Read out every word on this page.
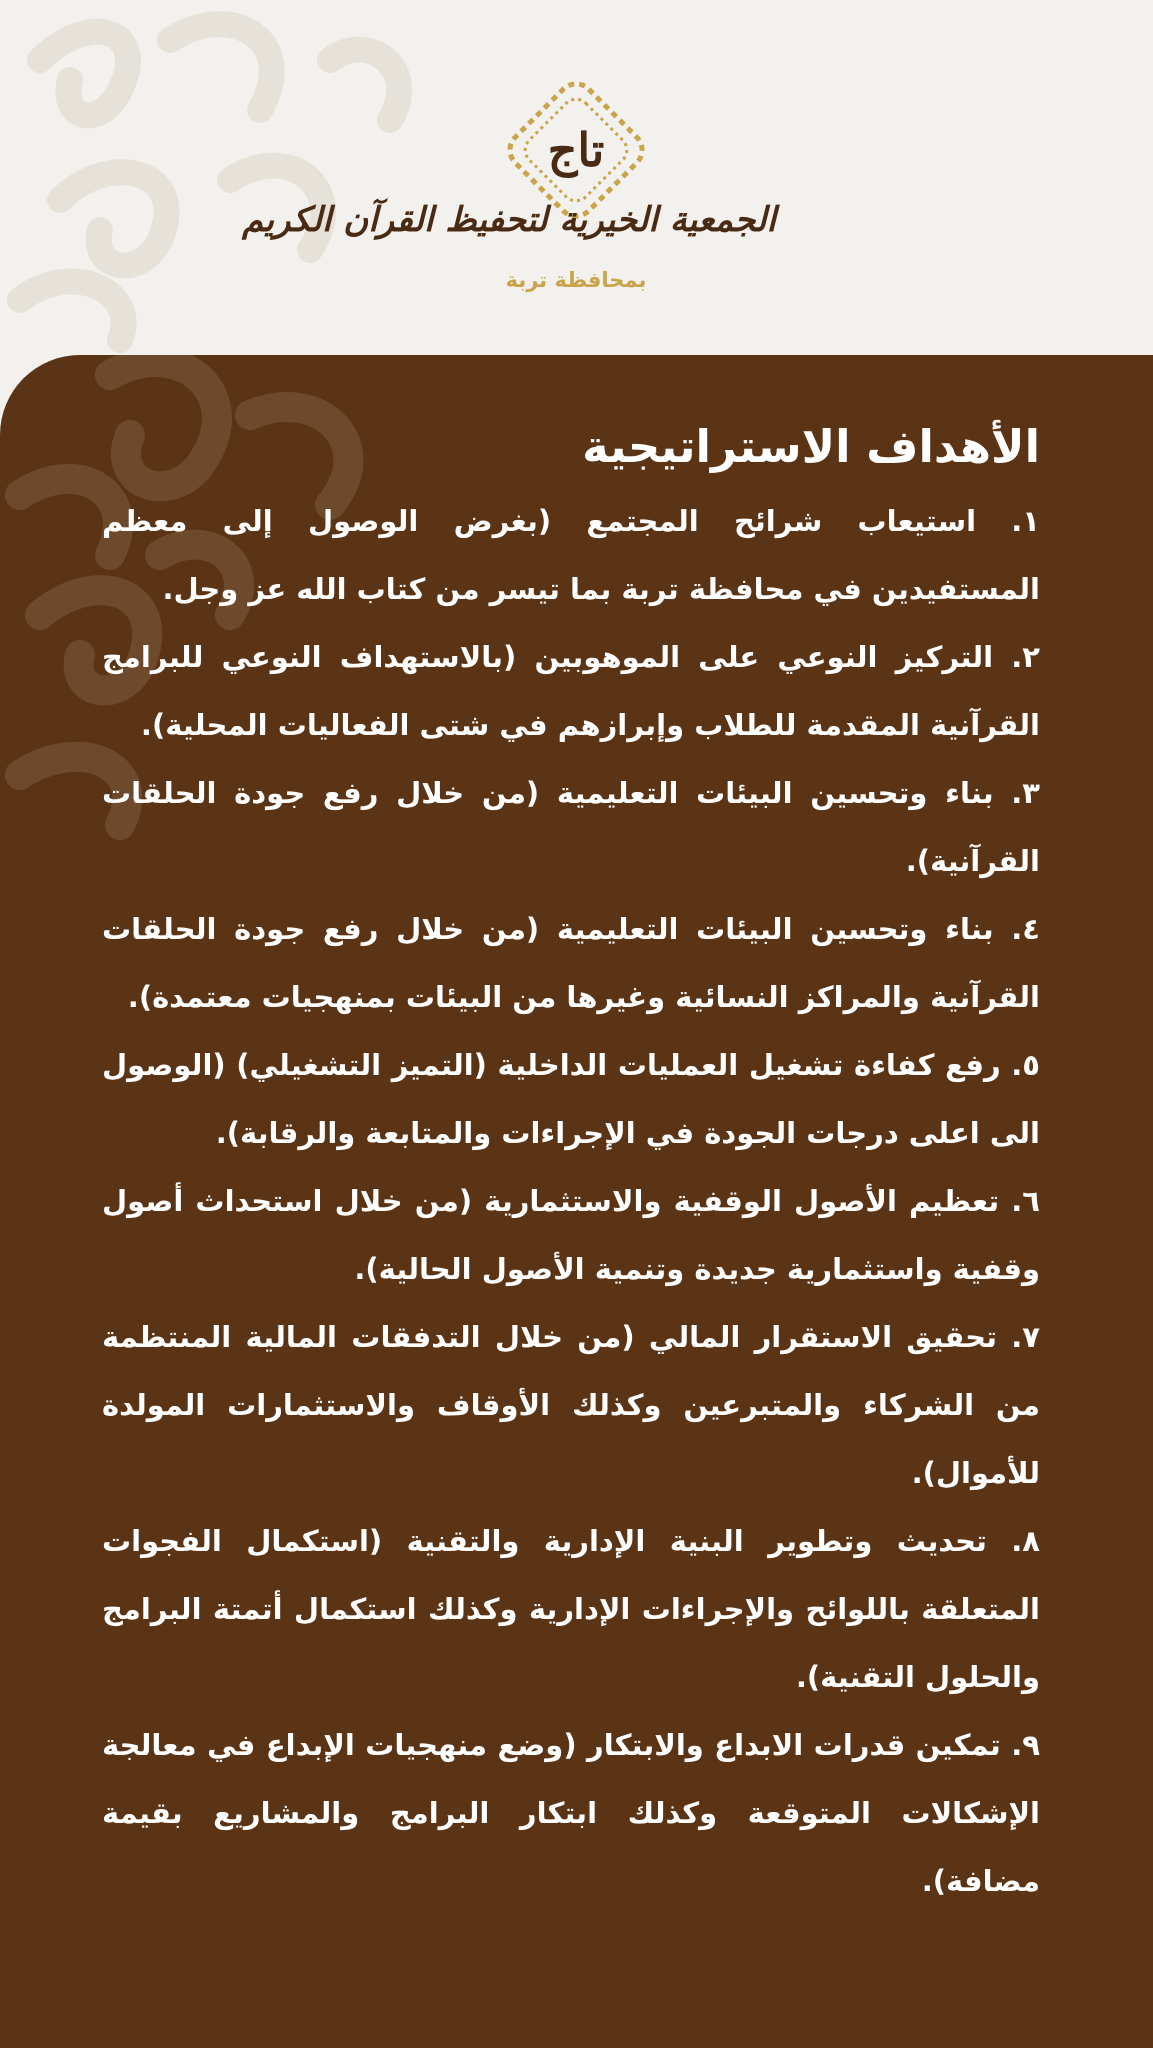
تاج
الجمعية الخيرية لتحفيظ القرآن الكريم
بمحافظة تربة
الأهداف الاستراتيجية
١. استيعاب شرائح المجتمع (بغرض الوصول إلى معظم المستفيدين في محافظة تربة بما تيسر من كتاب الله عز وجل.
٢. التركيز النوعي على الموهوبين (بالاستهداف النوعي للبرامج القرآنية المقدمة للطلاب وإبرازهم في شتى الفعاليات المحلية).
٣. بناء وتحسين البيئات التعليمية (من خلال رفع جودة الحلقات القرآنية).
٤. بناء وتحسين البيئات التعليمية (من خلال رفع جودة الحلقات القرآنية والمراكز النسائية وغيرها من البيئات بمنهجيات معتمدة).
٥. رفع كفاءة تشغيل العمليات الداخلية (التميز التشغيلي) (الوصول الى اعلى درجات الجودة في الإجراءات والمتابعة والرقابة).
٦. تعظيم الأصول الوقفية والاستثمارية (من خلال استحداث أصول وقفية واستثمارية جديدة وتنمية الأصول الحالية).
٧. تحقيق الاستقرار المالي (من خلال التدفقات المالية المنتظمة من الشركاء والمتبرعين وكذلك الأوقاف والاستثمارات المولدة للأموال).
٨. تحديث وتطوير البنية الإدارية والتقنية (استكمال الفجوات المتعلقة باللوائح والإجراءات الإدارية وكذلك استكمال أتمتة البرامج والحلول التقنية).
٩. تمكين قدرات الابداع والابتكار (وضع منهجيات الإبداع في معالجة الإشكالات المتوقعة وكذلك ابتكار البرامج والمشاريع بقيمة مضافة).
